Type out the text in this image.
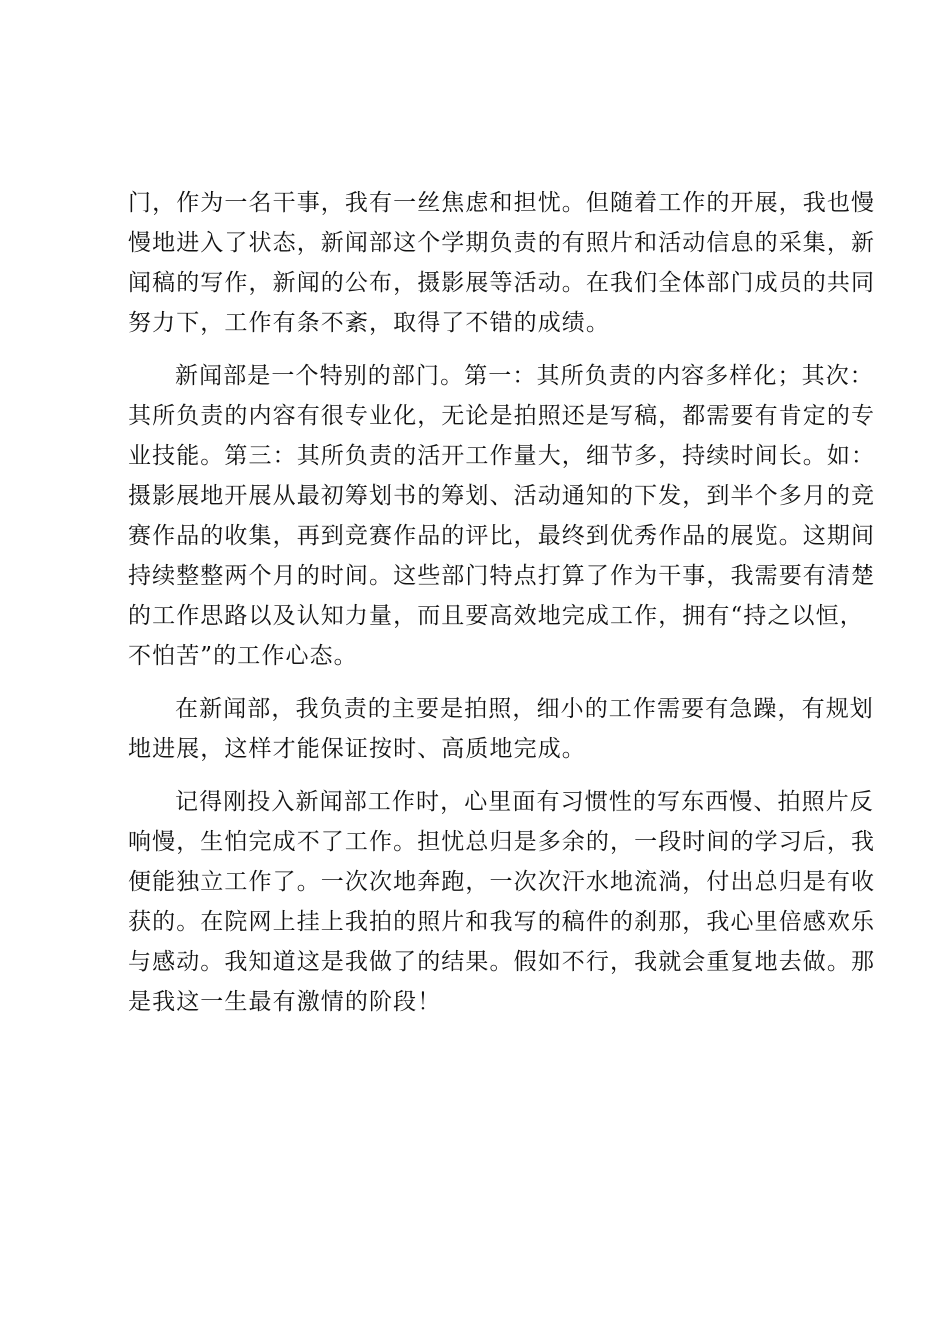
门，作为一名干事，我有一丝焦虑和担忧。但随着工作的开展，我也慢
慢地进入了状态，新闻部这个学期负责的有照片和活动信息的采集，新
闻稿的写作，新闻的公布，摄影展等活动。在我们全体部门成员的共同
努力下，工作有条不紊，取得了不错的成绩。
新闻部是一个特别的部门。第一：其所负责的内容多样化；其次：
其所负责的内容有很专业化，无论是拍照还是写稿，都需要有肯定的专
业技能。第三：其所负责的活开工作量大，细节多，持续时间长。如：
摄影展地开展从最初筹划书的筹划、活动通知的下发，到半个多月的竞
赛作品的收集，再到竞赛作品的评比，最终到优秀作品的展览。这期间
持续整整两个月的时间。这些部门特点打算了作为干事，我需要有清楚
的工作思路以及认知力量，而且要高效地完成工作，拥有“持之以恒，
不怕苦”的工作心态。
在新闻部，我负责的主要是拍照，细小的工作需要有急躁，有规划
地进展，这样才能保证按时、高质地完成。
记得刚投入新闻部工作时，心里面有习惯性的写东西慢、拍照片反
响慢，生怕完成不了工作。担忧总归是多余的，一段时间的学习后，我
便能独立工作了。一次次地奔跑，一次次汗水地流淌，付出总归是有收
获的。在院网上挂上我拍的照片和我写的稿件的刹那，我心里倍感欢乐
与感动。我知道这是我做了的结果。假如不行，我就会重复地去做。那
是我这一生最有激情的阶段！
